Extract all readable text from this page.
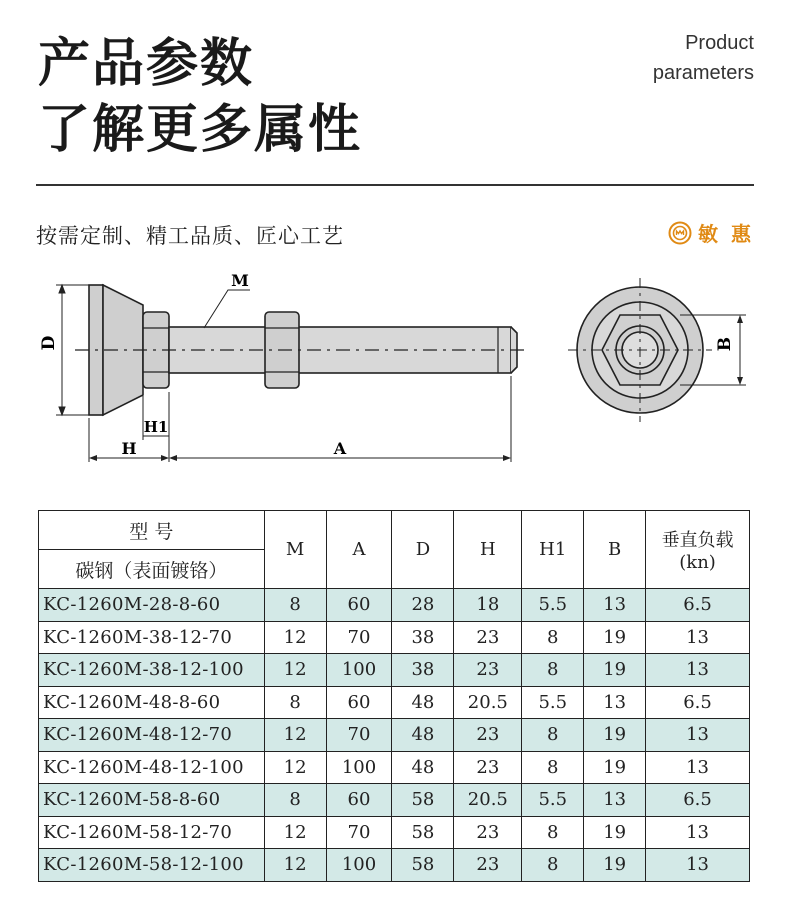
产品参数
了解更多属性
Product
parameters
按需定制、精工品质、匠心工艺	敏 惠
D
M
H1
H	A
B
型 号	M	A	D	H	H1	B	垂直负载
(kn)

碳钢（表面镀铬）							
KC-1260M-28-8-60	8	60	28	18	5.5	13	6.5
KC-1260M-38-12-70	12	70	38	23	8	19	13
KC-1260M-38-12-100	12	100	38	23	8	19	13
KC-1260M-48-8-60	8	60	48	20.5	5.5	13	6.5
KC-1260M-48-12-70	12	70	48	23	8	19	13
KC-1260M-48-12-100	12	100	48	23	8	19	13
KC-1260M-58-8-60	8	60	58	20.5	5.5	13	6.5
KC-1260M-58-12-70	12	70	58	23	8	19	13
KC-1260M-58-12-100	12	100	58	23	8	19	13
